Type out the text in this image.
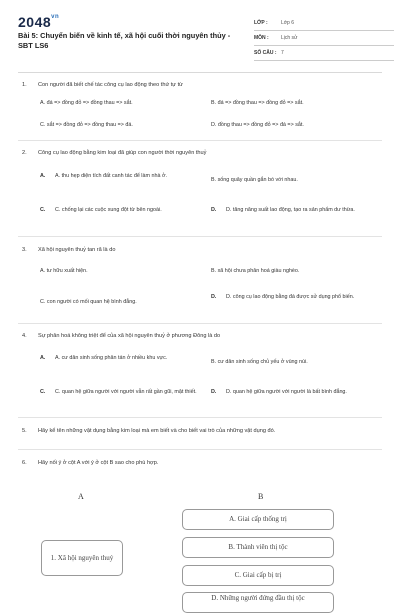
$2048^{vn}$
Bài 5: Chuyển biến về kinh tế, xã hội cuối thời nguyên thủy - SBT LS6
LỚP :	Lớp 6
MÔN :	Lịch sử
SỐ CÂU : 7
1.	Con người đã biết chế tác công cụ lao động theo thứ tự từ
A. đá => đồng đỏ => đồng thau => sắt.	B. đá => đồng thau => đồng đỏ => sắt.
C. sắt => đồng đỏ => đồng thau => đá.	D. đồng thau => đồng đỏ => đá => sắt.
2.	Công cụ lao động bằng kim loại đã giúp con người thời nguyên thuỷ
A.	A. thu hẹp diện tích đất canh tác để làm nhà ở.
B. sống quây quần gắn bó với nhau.
C.	C. chống lại các cuộc xung đột từ bên ngoài.	D.	D. tăng năng suất lao động, tạo ra sản phẩm dư thừa.
3.	Xã hội nguyên thuỷ tan rã là do
A. tư hữu xuất hiện.	B. xã hội chưa phân hoá giàu nghèo.
C. con người có mối quan hệ bình đẳng.
D.	D. công cụ lao động bằng đá được sử dụng phổ biến.
4.	Sự phân hoá không triệt để của xã hội nguyên thuỷ ở phương Đông là do
A.	A. cư dân sinh sống phân tán ở nhiều khu vực.
B. cư dân sinh sống chủ yếu ở vùng núi.
C.	C. quan hệ giữa người với người vẫn rất gần gũi, mật thiết.	D.	D. quan hệ giữa người với người là bất bình đẳng.
5.	Hãy kể tên những vật dụng bằng kim loại mà em biết và cho biết vai trò của những vật dụng đó.
6.	Hãy nối ý ở cột A với ý ở cột B sao cho phù hợp.
A	B
1. Xã hội nguyên thuỷ
A. Giai cấp thống trị
B. Thành viên thị tộc
C. Giai cấp bị trị
D. Những người đứng đầu thị tộc
